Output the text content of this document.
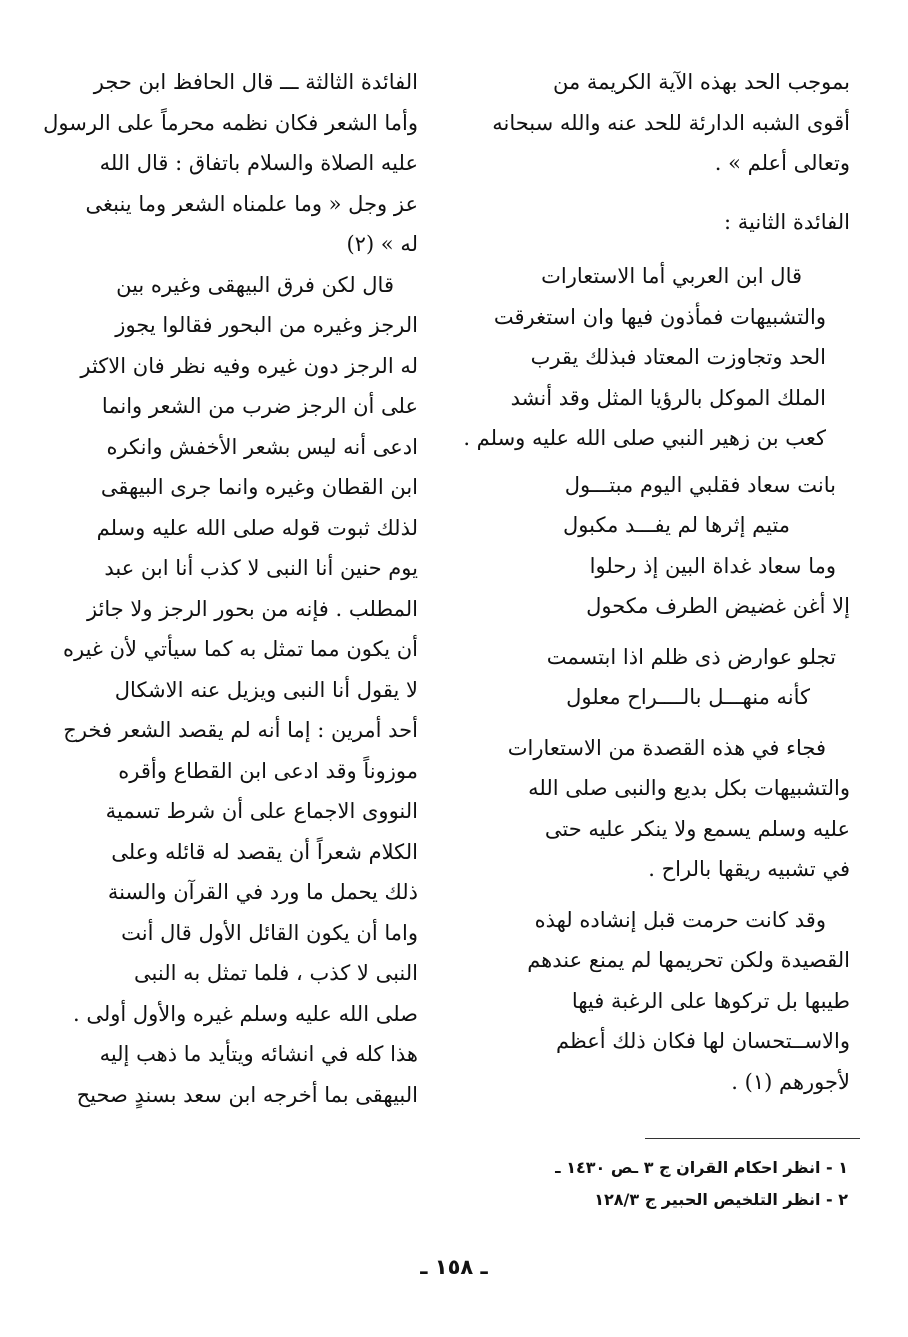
بموجب الحد بهذه الآية الكريمة من
أقوى الشبه الدارئة للحد عنه والله سبحانه
وتعالى أعلم » .

الفائدة الثانية :

قال ابن العربي أما الاستعارات
والتشبيهات فمأذون فيها وان استغرقت
الحد وتجاوزت المعتاد فبذلك يقرب
الملك الموكل بالرؤيا المثل وقد أنشد
كعب بن زهير النبي صلى الله عليه وسلم .

بانت سعاد فقلبي اليوم مبتـــول
متيم إثرها لم يفـــد مكبول
وما سعاد غداة البين إذ رحلوا
إلا أغن غضيض الطرف مكحول
تجلو عوارض ذى ظلم اذا ابتسمت
كأنه منهـــل بالــــراح معلول

فجاء في هذه القصدة من الاستعارات
والتشبيهات بكل بديع والنبى صلى الله
عليه وسلم يسمع ولا ينكر عليه حتى
في تشبيه ريقها بالراح .

وقد كانت حرمت قبل إنشاده لهذه
القصيدة ولكن تحريمها لم يمنع عندهم
طيبها بل تركوها على الرغبة فيها
والاســتحسان لها فكان ذلك أعظم
لأجورهم (١) .

الفائدة الثالثة ـــ قال الحافظ ابن حجر
وأما الشعر فكان نظمه محرماً على الرسول
عليه الصلاة والسلام باتفاق : قال الله
عز وجل « وما علمناه الشعر وما ينبغى
له » (٢)

قال لكن فرق البيهقى وغيره بين
الرجز وغيره من البحور فقالوا يجوز
له الرجز دون غيره وفيه نظر فان الاكثر
على أن الرجز ضرب من الشعر وانما
ادعى أنه ليس بشعر الأخفش وانكره
ابن القطان وغيره وانما جرى البيهقى
لذلك ثبوت قوله صلى الله عليه وسلم
يوم حنين أنا النبى لا كذب أنا ابن عبد
المطلب . فإنه من بحور الرجز ولا جائز
أن يكون مما تمثل به كما سيأتي لأن غيره
لا يقول أنا النبى ويزيل عنه الاشكال
أحد أمرين : إما أنه لم يقصد الشعر فخرج
موزوناً وقد ادعى ابن القطاع وأقره
النووى الاجماع على أن شرط تسمية
الكلام شعراً أن يقصد له قائله وعلى
ذلك يحمل ما ورد في القرآن والسنة
واما أن يكون القائل الأول قال أنت
النبى لا كذب ، فلما تمثل به النبى
صلى الله عليه وسلم غيره والأول أولى .
هذا كله في انشائه ويتأيد ما ذهب إليه
البيهقى بما أخرجه ابن سعد بسندٍ صحيح

١ - انظر احكام القران ج ٣ ـص ١٤٣٠ ـ
٢ - انظر التلخيص الحبير ج ١٢٨/٣
ـ ١٥٨ ـ
